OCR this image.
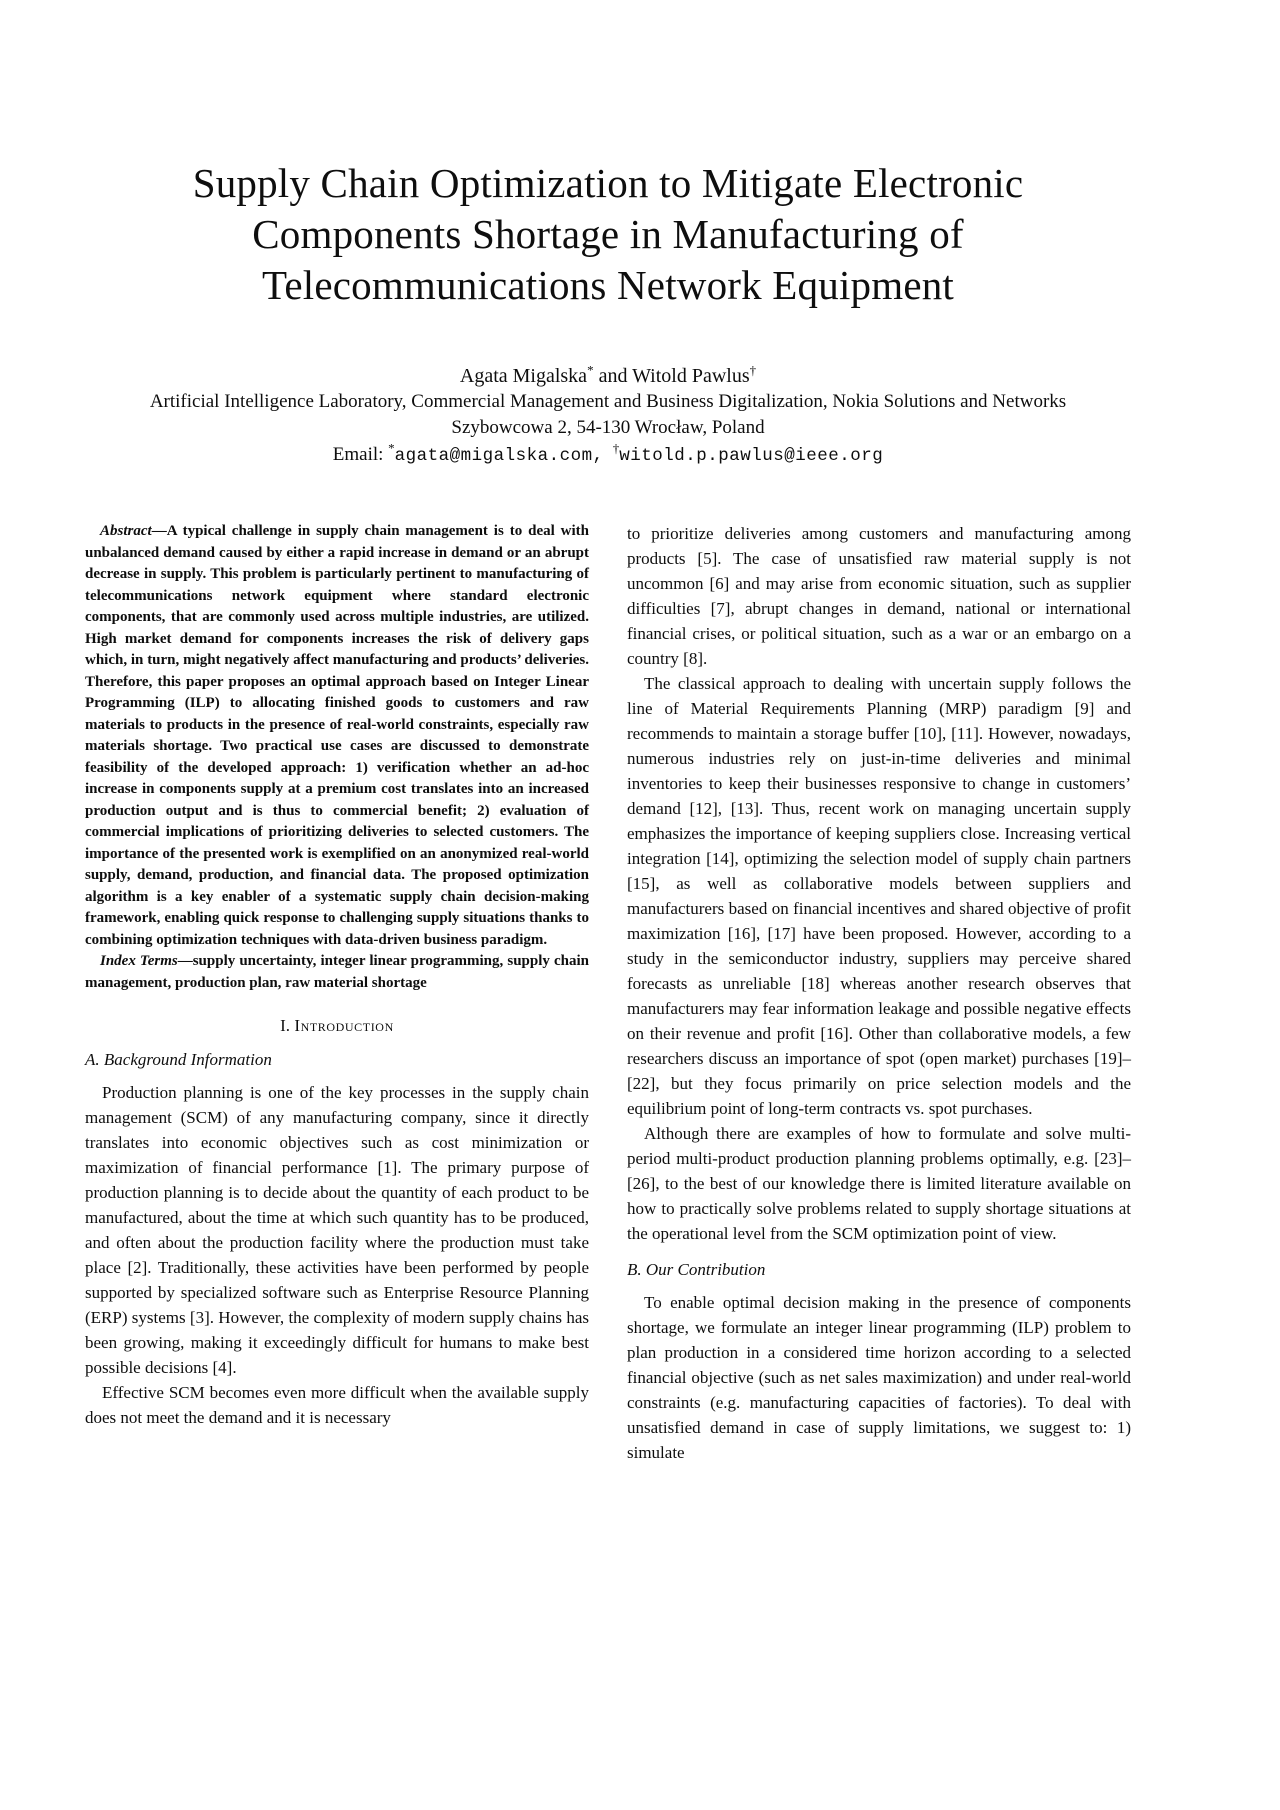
Supply Chain Optimization to Mitigate Electronic
Components Shortage in Manufacturing of
Telecommunications Network Equipment
Agata Migalska* and Witold Pawlus†
Artificial Intelligence Laboratory, Commercial Management and Business Digitalization, Nokia Solutions and Networks
Szybowcowa 2, 54-130 Wrocław, Poland
Email: *agata@migalska.com, †witold.p.pawlus@ieee.org

Abstract—A typical challenge in supply chain management is to deal with unbalanced demand caused by either a rapid increase in demand or an abrupt decrease in supply. This problem is particularly pertinent to manufacturing of telecommunications network equipment where standard electronic components, that are commonly used across multiple industries, are utilized. High market demand for components increases the risk of delivery gaps which, in turn, might negatively affect manufacturing and products’ deliveries. Therefore, this paper proposes an optimal approach based on Integer Linear Programming (ILP) to allocating finished goods to customers and raw materials to products in the presence of real-world constraints, especially raw materials shortage. Two practical use cases are discussed to demonstrate feasibility of the developed approach: 1) verification whether an ad-hoc increase in components supply at a premium cost translates into an increased production output and is thus to commercial benefit; 2) evaluation of commercial implications of prioritizing deliveries to selected customers. The importance of the presented work is exemplified on an anonymized real-world supply, demand, production, and financial data. The proposed optimization algorithm is a key enabler of a systematic supply chain decision-making framework, enabling quick response to challenging supply situations thanks to combining optimization techniques with data-driven business paradigm.

Index Terms—supply uncertainty, integer linear programming, supply chain management, production plan, raw material shortage

I. Introduction
A. Background Information

Production planning is one of the key processes in the supply chain management (SCM) of any manufacturing company, since it directly translates into economic objectives such as cost minimization or maximization of financial performance [1]. The primary purpose of production planning is to decide about the quantity of each product to be manufactured, about the time at which such quantity has to be produced, and often about the production facility where the production must take place [2]. Traditionally, these activities have been performed by people supported by specialized software such as Enterprise Resource Planning (ERP) systems [3]. However, the complexity of modern supply chains has been growing, making it exceedingly difficult for humans to make best possible decisions [4].

Effective SCM becomes even more difficult when the available supply does not meet the demand and it is necessary

to prioritize deliveries among customers and manufacturing among products [5]. The case of unsatisfied raw material supply is not uncommon [6] and may arise from economic situation, such as supplier difficulties [7], abrupt changes in demand, national or international financial crises, or political situation, such as a war or an embargo on a country [8].

The classical approach to dealing with uncertain supply follows the line of Material Requirements Planning (MRP) paradigm [9] and recommends to maintain a storage buffer [10], [11]. However, nowadays, numerous industries rely on just-in-time deliveries and minimal inventories to keep their businesses responsive to change in customers’ demand [12], [13]. Thus, recent work on managing uncertain supply emphasizes the importance of keeping suppliers close. Increasing vertical integration [14], optimizing the selection model of supply chain partners [15], as well as collaborative models between suppliers and manufacturers based on financial incentives and shared objective of profit maximization [16], [17] have been proposed. However, according to a study in the semiconductor industry, suppliers may perceive shared forecasts as unreliable [18] whereas another research observes that manufacturers may fear information leakage and possible negative effects on their revenue and profit [16]. Other than collaborative models, a few researchers discuss an importance of spot (open market) purchases [19]–[22], but they focus primarily on price selection models and the equilibrium point of long-term contracts vs. spot purchases.

Although there are examples of how to formulate and solve multi-period multi-product production planning problems optimally, e.g. [23]–[26], to the best of our knowledge there is limited literature available on how to practically solve problems related to supply shortage situations at the operational level from the SCM optimization point of view.

B. Our Contribution

To enable optimal decision making in the presence of components shortage, we formulate an integer linear programming (ILP) problem to plan production in a considered time horizon according to a selected financial objective (such as net sales maximization) and under real-world constraints (e.g. manufacturing capacities of factories). To deal with unsatisfied demand in case of supply limitations, we suggest to: 1) simulate
